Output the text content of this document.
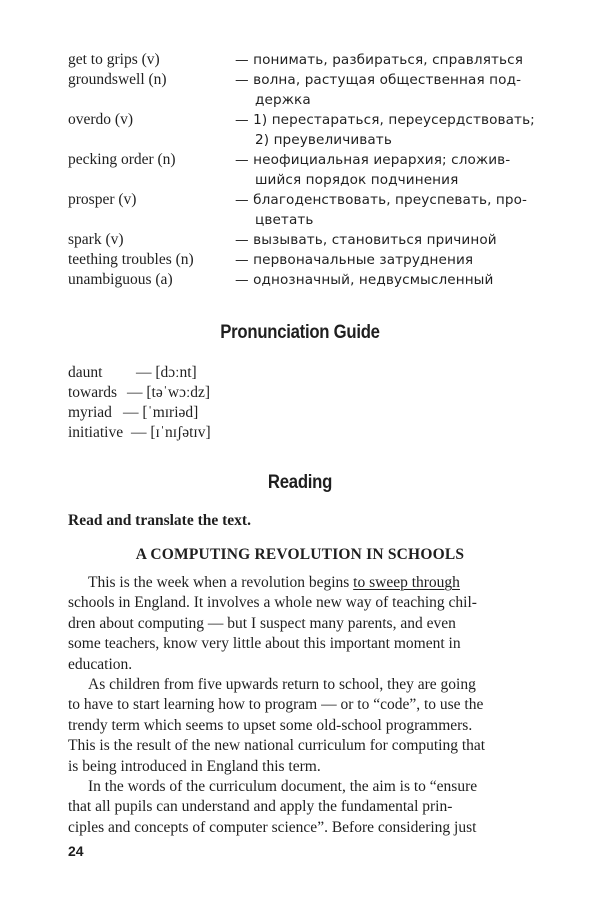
get to grips (v)	— понимать, разбираться, справляться
groundswell (n)	— волна, растущая общественная под-
держка
overdo (v)	— 1) перестараться, переусердствовать;
2) преувеличивать
pecking order (n)	— неофициальная иерархия; сложив-
шийся порядок подчинения
prosper (v)	— благоденствовать, преуспевать, про-
цветать
spark (v)	— вызывать, становиться причиной
teething troubles (n)	— первоначальные затруднения
unambiguous (a)	— однозначный, недвусмысленный
Pronunciation Guide
daunt — [dɔːnt]
towards — [təˈwɔːdz]
myriad — [ˈmɪriəd]
initiative — [ɪˈnɪʃətɪv]
Reading
Read and translate the text.
A COMPUTING REVOLUTION IN SCHOOLS
This is the week when a revolution begins to sweep through
schools in England. It involves a whole new way of teaching chil-
dren about computing — but I suspect many parents, and even
some teachers, know very little about this important moment in
education.
As children from five upwards return to school, they are going
to have to start learning how to program — or to “code”, to use the
trendy term which seems to upset some old-school programmers.
This is the result of the new national curriculum for computing that
is being introduced in England this term.
In the words of the curriculum document, the aim is to “ensure
that all pupils can understand and apply the fundamental prin-
ciples and concepts of computer science”. Before considering just
24
